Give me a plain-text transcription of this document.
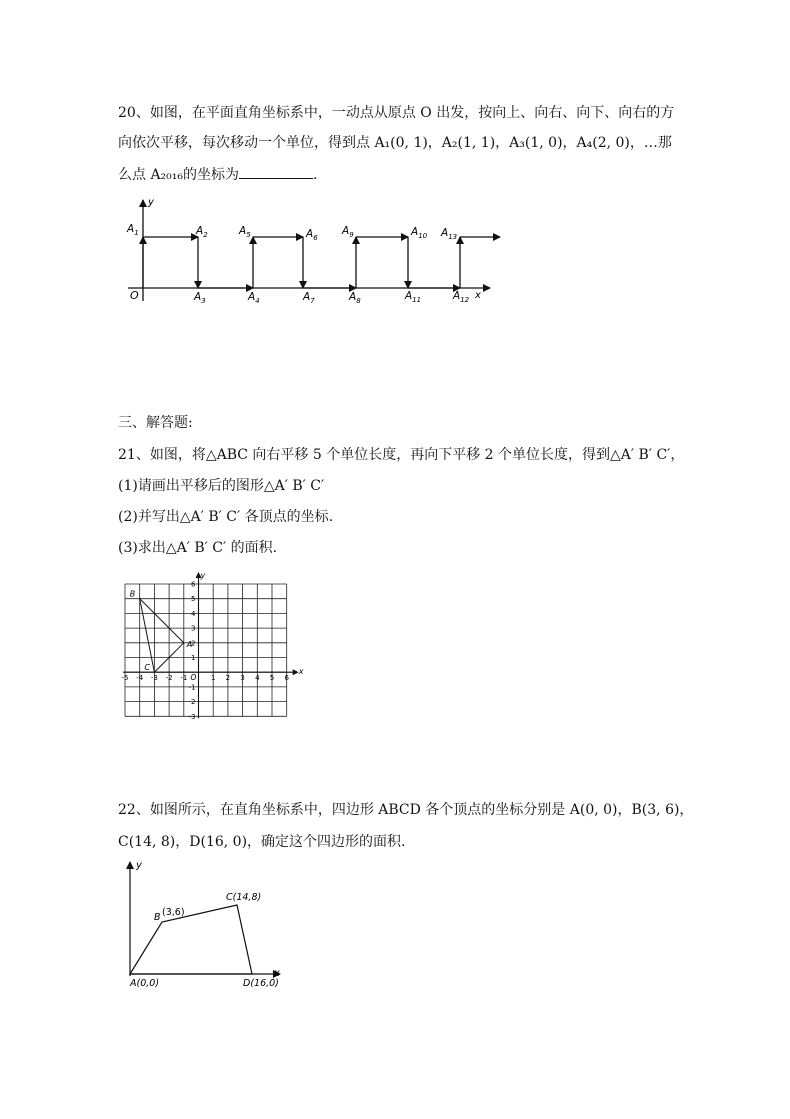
20、如图，在平面直角坐标系中，一动点从原点 O 出发，按向上、向右、向下、向右的方
向依次平移，每次移动一个单位，得到点 A₁(0, 1)，A₂(1, 1)，A₃(1, 0)，A₄(2, 0)，…那
么点 A₂₀₁₆的坐标为	.
y
x
O
$A_1$	$A_2$	$A_5$	$A_6$
$A_9$	$A_{10}$ $A_{13}$
$A_3$	$A_4$	$A_7$	$A_8$	$A_{11}$	$A_{12}$
三、解答题:
21、如图，将△ABC 向右平移 5 个单位长度，再向下平移 2 个单位长度，得到△A′ B′ C′，
(1)请画出平移后的图形△A′ B′ C′
(2)并写出△A′ B′ C′ 各顶点的坐标.
(3)求出△A′ B′ C′ 的面积.
x
y
-5 -4 -3 -2 -1	1 2 3 4 5 6
O
6
5
4
3
2
1
-1
-2
-3
A
B
C
22、如图所示，在直角坐标系中，四边形 ABCD 各个顶点的坐标分别是 A(0, 0)，B(3, 6)，
C(14, 8)，D(16, 0)，确定这个四边形的面积.
y
x
A(0,0)
B (3,6)
C(14,8)
D(16,0)
